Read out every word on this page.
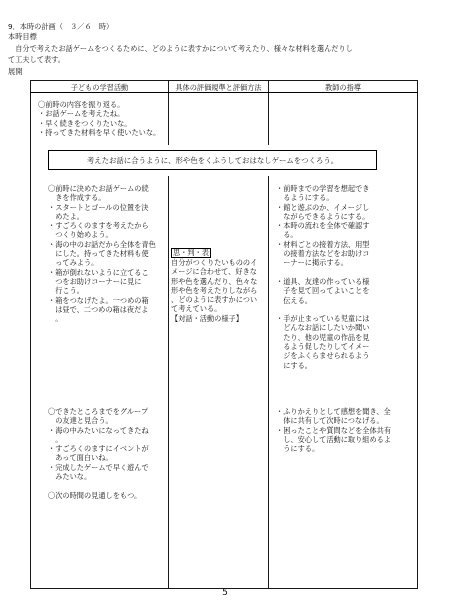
9．本時の計画（　３／６　時）
本時目標
　自分で考えたお話ゲームをつくるために、どのように表すかについて考えたり、様々な材料を選んだりし
て工夫して表す。
展開
子どもの学習活動	具体の評価規準と評価方法	教師の指導
〇前時の内容を振り返る。
・お話ゲームを考えたね。
・早く続きをつくりたいな。
・持ってきた材料を早く使いたいな。
考えたお話に合うように、形や色をくふうしておはなしゲームをつくろう。
〇前時に決めたお話ゲームの続
　きを作成する。
・スタートとゴールの位置を決
　めたよ。
・すごろくのますを考えたから
　つくり始めよう。
・海の中のお話だから全体を青色
　にした。持ってきた材料も使
　ってみよう。
・箱が倒れないように立てるこ
　つをお助けコーナーに見に
　行こう。
・箱をつなげたよ。一つめの箱
　は昼で、二つめの箱は夜だよ
　。
思・判・表
自分がつくりたいもののイ
メージに合わせて、好きな
形や色を選んだり、色々な
形や色を考えたりしながら
、どのように表すかについ
て考えている。
【対話・活動の様子】
・前時までの学習を想起でき
　るようにする。
・館と遊ぶのか、イメージし
　ながらできるようにする。
・本時の流れを全体で確認す
　る。
・材料ごとの接着方法、用型
　の接着方法などをお助けコ
　ーナーに掲示する。
・道具、友達の作っている様
　子を見て回ってよいことを
　伝える。
・手が止まっている児童には
　どんなお話にしたいか聞い
　たり、他の児童の作品を見
　るよう促したりしてイメー
　ジをふくらませられるよう
　にする。
〇できたところまでをグループ
　の友達と見合う。
・海の中みたいになってきたね
　。
・すごろくのますにイベントが
　あって面白いね。
・完成したゲームで早く遊んで
　みたいな。
〇次の時間の見通しをもつ。
・ふりかえりとして感想を聞き、全
　体に共有して次時につなげる。
・困ったことや質問などを全体共有
　し、安心して活動に取り組めるよ
　うにする。
5
